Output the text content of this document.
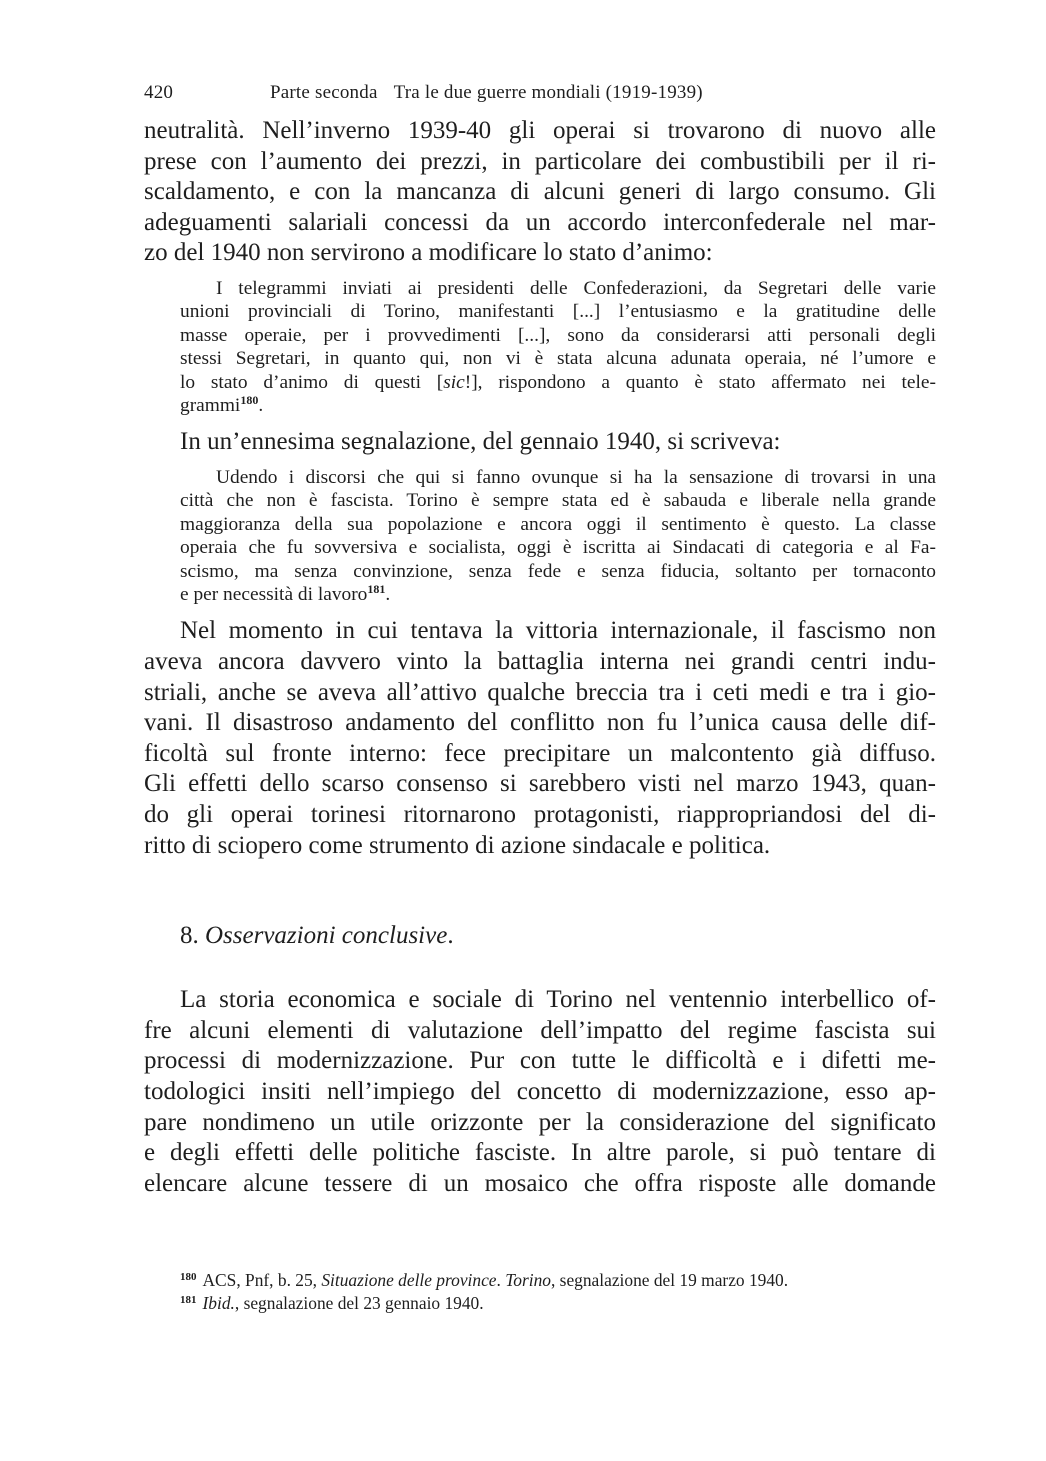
420	Parte seconda Tra le due guerre mondiali (1919-1939)

neutralità. Nell’inverno 1939-40 gli operai si trovarono di nuovo alle
prese con l’aumento dei prezzi, in particolare dei combustibili per il ri-
scaldamento, e con la mancanza di alcuni generi di largo consumo. Gli
adeguamenti salariali concessi da un accordo interconfederale nel mar-
zo del 1940 non servirono a modificare lo stato d’animo:

I telegrammi inviati ai presidenti delle Confederazioni, da Segretari delle varie
unioni provinciali di Torino, manifestanti [...] l’entusiasmo e la gratitudine delle
masse operaie, per i provvedimenti [...], sono da considerarsi atti personali degli
stessi Segretari, in quanto qui, non vi è stata alcuna adunata operaia, né l’umore e
lo stato d’animo di questi [sic!], rispondono a quanto è stato affermato nei tele-
grammi$^{180}$.

In un’ennesima segnalazione, del gennaio 1940, si scriveva:

Udendo i discorsi che qui si fanno ovunque si ha la sensazione di trovarsi in una
città che non è fascista. Torino è sempre stata ed è sabauda e liberale nella grande
maggioranza della sua popolazione e ancora oggi il sentimento è questo. La classe
operaia che fu sovversiva e socialista, oggi è iscritta ai Sindacati di categoria e al Fa-
scismo, ma senza convinzione, senza fede e senza fiducia, soltanto per tornaconto
e per necessità di lavoro$^{181}$.

Nel momento in cui tentava la vittoria internazionale, il fascismo non
aveva ancora davvero vinto la battaglia interna nei grandi centri indu-
striali, anche se aveva all’attivo qualche breccia tra i ceti medi e tra i gio-
vani. Il disastroso andamento del conflitto non fu l’unica causa delle dif-
ficoltà sul fronte interno: fece precipitare un malcontento già diffuso.
Gli effetti dello scarso consenso si sarebbero visti nel marzo 1943, quan-
do gli operai torinesi ritornarono protagonisti, riappropriandosi del di-
ritto di sciopero come strumento di azione sindacale e politica.

8. Osservazioni conclusive.

La storia economica e sociale di Torino nel ventennio interbellico of-
fre alcuni elementi di valutazione dell’impatto del regime fascista sui
processi di modernizzazione. Pur con tutte le difficoltà e i difetti me-
todologici insiti nell’impiego del concetto di modernizzazione, esso ap-
pare nondimeno un utile orizzonte per la considerazione del significato
e degli effetti delle politiche fasciste. In altre parole, si può tentare di
elencare alcune tessere di un mosaico che offra risposte alle domande

$^{180}$ ACS, Pnf, b. 25, Situazione delle province. Torino, segnalazione del 19 marzo 1940.
$^{181}$ Ibid., segnalazione del 23 gennaio 1940.
